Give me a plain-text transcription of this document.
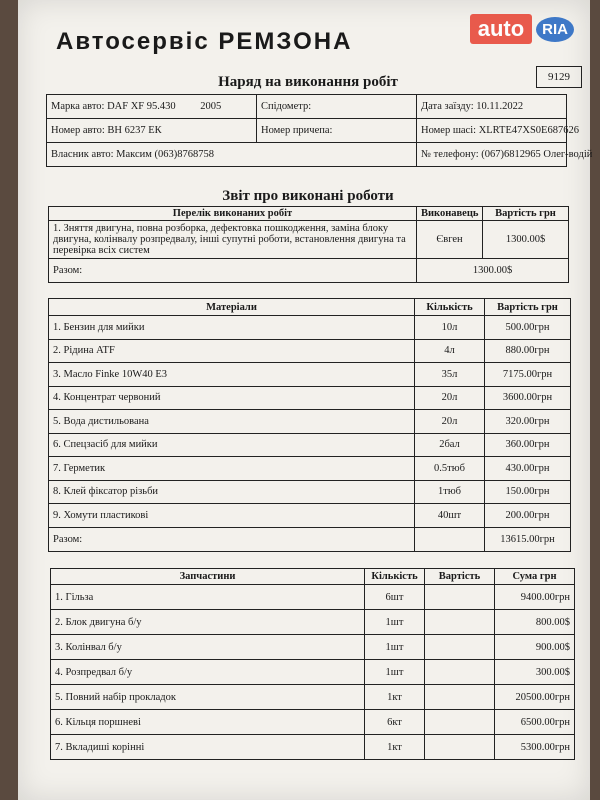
Автосервіс РЕМЗОНА	auto	RIA
Наряд на виконання робіт	9129
Марка авто: DAF XF 95.430 2005	Спідометр:	Дата заїзду: 10.11.2022
Номер авто: ВН 6237 ЕК	Номер причепа:	Номер шасі: XLRTE47XS0E687626
Власник авто: Максим (063)8768758		№ телефону: (067)6812965 Олег-водій
Звіт про виконані роботи
Перелік виконаних робіт	Виконавець	Вартість грн
1. Зняття двигуна, повна розборка, дефектовка пошкодження, заміна блоку двигуна, колінвалу розпредвалу, інші супутні роботи, встановлення двигуна та перевірка всіх систем	Євген	1300.00$
Разом:	1300.00$	
Матеріали	Кількість	Вартість грн
1. Бензин для мийки	10л	500.00грн
2. Рідина ATF	4л	880.00грн
3. Масло Finke 10W40 E3	35л	7175.00грн
4. Концентрат червоний	20л	3600.00грн
5. Вода дистильована	20л	320.00грн
6. Спецзасіб для мийки	2бал	360.00грн
7. Герметик	0.5тюб	430.00грн
8. Клей фіксатор різьби	1тюб	150.00грн
9. Хомути пластикові	40шт	200.00грн
Разом:		13615.00грн
Запчастини	Кількість	Вартість	Сума грн
1. Гільза	6шт		9400.00грн
2. Блок двигуна б/у	1шт		800.00$
3. Колінвал б/у	1шт		900.00$
4. Розпредвал б/у	1шт		300.00$
5. Повний набір прокладок	1кт		20500.00грн
6. Кільця поршневі	6кт		6500.00грн
7. Вкладиші корінні	1кт		5300.00грн
